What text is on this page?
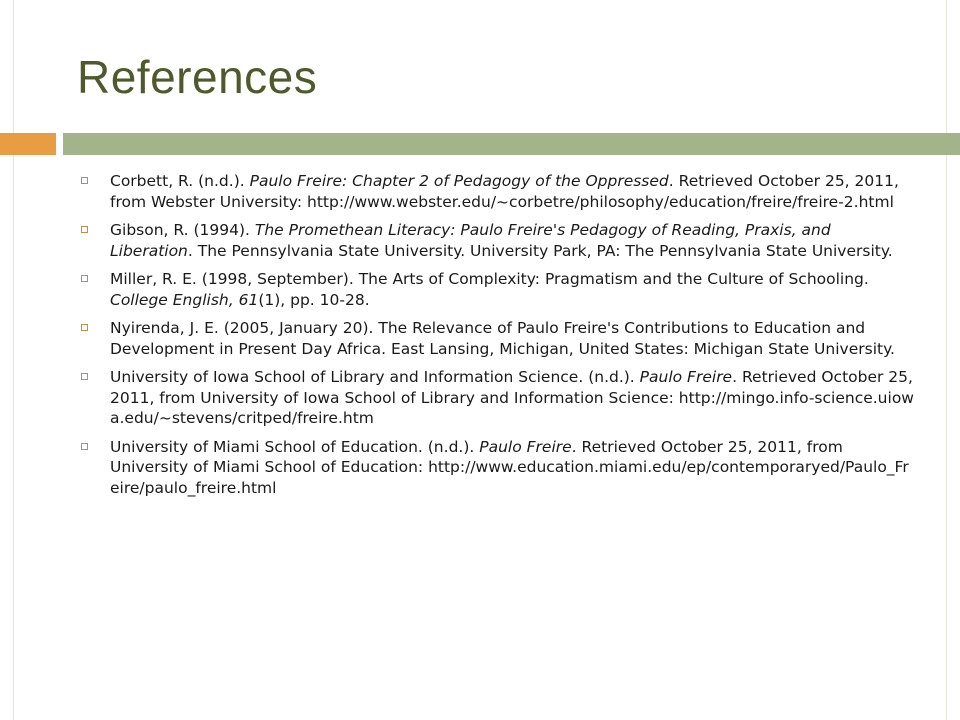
References
Corbett, R. (n.d.). Paulo Freire: Chapter 2 of Pedagogy of the Oppressed. Retrieved October 25, 2011, from Webster University: http://www.webster.edu/~corbetre/philosophy/education/freire/freire-2.html
Gibson, R. (1994). The Promethean Literacy: Paulo Freire's Pedagogy of Reading, Praxis, and Liberation. The Pennsylvania State University. University Park, PA: The Pennsylvania State University.
Miller, R. E. (1998, September). The Arts of Complexity: Pragmatism and the Culture of Schooling. College English, 61(1), pp. 10-28.
Nyirenda, J. E. (2005, January 20). The Relevance of Paulo Freire's Contributions to Education and Development in Present Day Africa. East Lansing, Michigan, United States: Michigan State University.
University of Iowa School of Library and Information Science. (n.d.). Paulo Freire. Retrieved October 25, 2011, from University of Iowa School of Library and Information Science: http://mingo.info-science.uiowa.edu/~stevens/critped/freire.htm
University of Miami School of Education. (n.d.). Paulo Freire. Retrieved October 25, 2011, from University of Miami School of Education: http://www.education.miami.edu/ep/contemporaryed/Paulo_Freire/paulo_freire.html
